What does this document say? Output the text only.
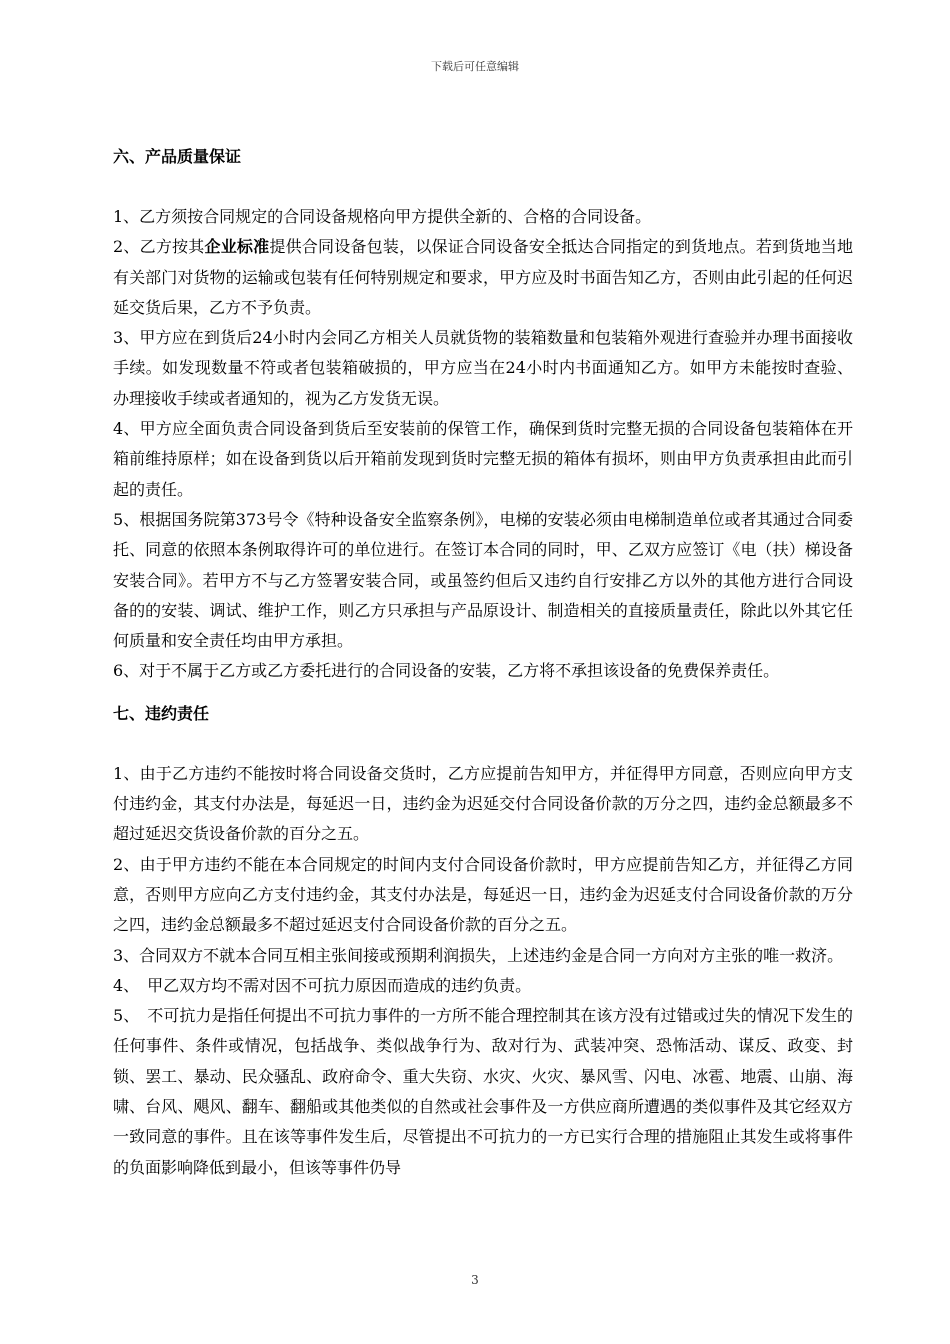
下载后可任意编辑
六、产品质量保证

1、乙方须按合同规定的合同设备规格向甲方提供全新的、合格的合同设备。

2、乙方按其企业标准提供合同设备包装，以保证合同设备安全抵达合同指定的到货地点。若到货地当地有关部门对货物的运输或包装有任何特别规定和要求，甲方应及时书面告知乙方，否则由此引起的任何迟延交货后果，乙方不予负责。

3、甲方应在到货后24小时内会同乙方相关人员就货物的装箱数量和包装箱外观进行查验并办理书面接收手续。如发现数量不符或者包装箱破损的，甲方应当在24小时内书面通知乙方。如甲方未能按时查验、办理接收手续或者通知的，视为乙方发货无误。

4、甲方应全面负责合同设备到货后至安装前的保管工作，确保到货时完整无损的合同设备包装箱体在开箱前维持原样；如在设备到货以后开箱前发现到货时完整无损的箱体有损坏，则由甲方负责承担由此而引起的责任。

5、根据国务院第373号令《特种设备安全监察条例》，电梯的安装必须由电梯制造单位或者其通过合同委托、同意的依照本条例取得许可的单位进行。在签订本合同的同时，甲、乙双方应签订《电（扶）梯设备安装合同》。若甲方不与乙方签署安装合同，或虽签约但后又违约自行安排乙方以外的其他方进行合同设备的的安装、调试、维护工作，则乙方只承担与产品原设计、制造相关的直接质量责任，除此以外其它任何质量和安全责任均由甲方承担。

6、对于不属于乙方或乙方委托进行的合同设备的安装，乙方将不承担该设备的免费保养责任。

七、违约责任

1、由于乙方违约不能按时将合同设备交货时，乙方应提前告知甲方，并征得甲方同意，否则应向甲方支付违约金，其支付办法是，每延迟一日，违约金为迟延交付合同设备价款的万分之四，违约金总额最多不超过延迟交货设备价款的百分之五。

2、由于甲方违约不能在本合同规定的时间内支付合同设备价款时，甲方应提前告知乙方，并征得乙方同意，否则甲方应向乙方支付违约金，其支付办法是，每延迟一日，违约金为迟延支付合同设备价款的万分之四，违约金总额最多不超过延迟支付合同设备价款的百分之五。

3、合同双方不就本合同互相主张间接或预期利润损失，上述违约金是合同一方向对方主张的唯一救济。

4、　甲乙双方均不需对因不可抗力原因而造成的违约负责。

5、　不可抗力是指任何提出不可抗力事件的一方所不能合理控制其在该方没有过错或过失的情况下发生的任何事件、条件或情况，包括战争、类似战争行为、敌对行为、武装冲突、恐怖活动、谋反、政变、封锁、罢工、暴动、民众骚乱、政府命令、重大失窃、水灾、火灾、暴风雪、闪电、冰雹、地震、山崩、海啸、台风、飓风、翻车、翻船或其他类似的自然或社会事件及一方供应商所遭遇的类似事件及其它经双方一致同意的事件。且在该等事件发生后，尽管提出不可抗力的一方已实行合理的措施阻止其发生或将事件的负面影响降低到最小，但该等事件仍导

3
